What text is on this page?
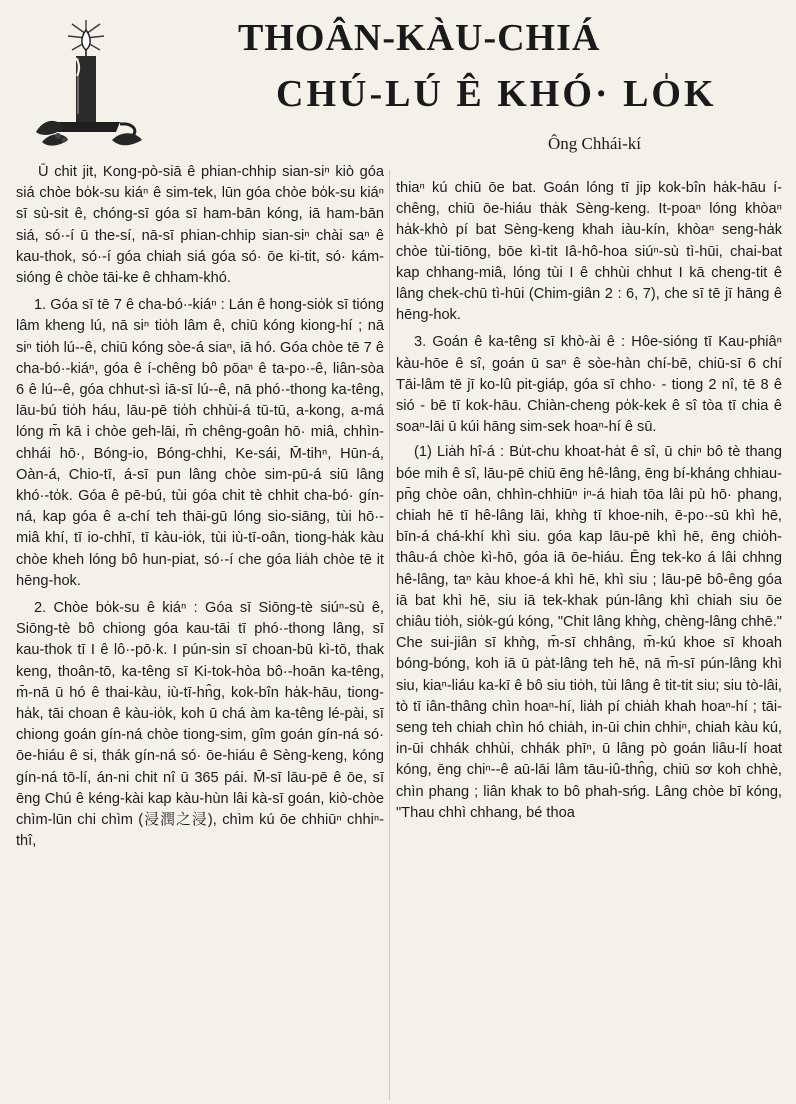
THOÂN-KÀU-CHIÁ
CHÚ-LÚ Ê KHÓ· LO̍K
Ông Chhái-kí

Ū chit jit, Kong-pò-siā ê phian-chhip sian-siⁿ kiò góa siá chòe bo̍k-su kiáⁿ ê sim-tek, lūn góa chòe bo̍k-su kiáⁿ sī sù-sit ê, chóng-sī góa sī ham-bān kóng, iā ham-bān siá, só·-í ū the-sí, nā-sī phian-chhip sian-siⁿ chài saⁿ ê kau-thok, só·-í góa chiah siá góa só· ōe ki-tit, só· kám-sióng ê chòe tāi-ke ê chham-khó.

1. Góa sī tē 7 ê cha-bó·-kiáⁿ : Lán ê hong-sio̍k sī tióng lâm kheng lú, nā siⁿ tio̍h lâm ê, chiū kóng kiong-hí ; nā siⁿ tio̍h lú--ê, chiū kóng sòe-á siaⁿ, iā hó. Góa chòe tē 7 ê cha-bó·-kiáⁿ, góa ê í-chêng bô pōaⁿ ê ta-po·-ê, liân-sòa 6 ê lú--ê, góa chhut-sì iā-sī lú--ê, nā phó·-thong ka-têng, lāu-bú tio̍h háu, lāu-pē tio̍h chhùi-á tū-tū, a-kong, a-má lóng m̄ kā i chòe geh-lāi, m̄ chêng-goân hō· miâ, chhìn-chhái hō·, Bóng-io, Bóng-chhi, Ke-sái, M̄-tihⁿ, Hūn-á, Oàn-á, Chio-tī, á-sī pun lâng chòe sim-pū-á siū lâng khó·-to̍k. Góa ê pē-bú, tùi góa chit tè chhit cha-bó· gín-ná, kap góa ê a-chí teh thāi-gū lóng sio-siāng, tùi hō·-miâ khí, tī io-chhī, tī kàu-io̍k, tùi iù-tī-oân, tiong-ha̍k kàu chòe kheh lóng bô hun-piat, só·-í che góa lia̍h chòe tē it hēng-hok.

2. Chòe bo̍k-su ê kiáⁿ : Góa sī Siōng-tè siúⁿ-sù ê, Siōng-tè bô chiong góa kau-tāi tī phó·-thong lâng, sī kau-thok tī I ê lô·-pō·k. I pún-sin sī choan-bū kì-tō, thak keng, thoân-tō, ka-têng sī Ki-tok-hòa bô·-hoān ka-têng, m̄-nā ū hó ê thai-kàu, iù-tī-hn̂g, kok-bîn ha̍k-hāu, tiong-ha̍k, tāi choan ê kàu-io̍k, koh ū chá àm ka-têng lé-pài, sī chiong goán gín-ná chòe tiong-sim, gîm goán gín-ná só· ōe-hiáu ê si, thák gín-ná só· ōe-hiáu ê Sèng-keng, kóng gín-ná tō-lí, án-ni chit nî ū 365 pái. M̄-sī lāu-pē ê ōe, sī ēng Chú ê kéng-kài kap kàu-hùn lâi kà-sī goán, kiò-chòe chìm-lūn chi chìm (浸潤之浸), chìm kú ōe chhiūⁿ chhiⁿ-thî,

thiaⁿ kú chiū ōe bat. Goán lóng tī jip kok-bîn ha̍k-hāu í-chêng, chiū ōe-hiáu tha̍k Sèng-keng. It-poaⁿ lóng khòaⁿ ha̍k-khò pí bat Sèng-keng khah iàu-kín, khòaⁿ seng-ha̍k chòe tùi-tiōng, bōe kì-tit Iâ-hô-hoa siúⁿ-sù tì-hūi, chai-bat kap chhang-miâ, lóng tùi I ê chhùi chhut I kā cheng-tit ê lâng chek-chū tì-hūi (Chim-giân 2 : 6, 7), che sī tē jī hāng ê hēng-hok.

3. Goán ê ka-têng sī khò-ài ê : Hôe-sióng tī Kau-phiâⁿ kàu-hōe ê sî, goán ū saⁿ ê sòe-hàn chí-bē, chiū-sī 6 chí Tāi-lâm tē jī ko-lû pit-giáp, góa sī chho· - tiong 2 nî, tē 8 ê sió - bē tī kok-hāu. Chiàn-cheng po̍k-kek ê sî tòa tī chia ê soaⁿ-lāi ū kúi hāng sim-sek hoaⁿ-hí ê sū.

(1) Lia̍h hî-á : Bu̍t-chu khoat-ha̍t ê sî, ū chiⁿ bô tè thang bóe mih ê sî, lāu-pē chiū ēng hê-lâng, ēng bí-kháng chhiau-pn̄g chòe oân, chhìn-chhiūⁿ iⁿ-á hiah tōa lâi pù hō· phang, chiah hē tī hê-lâng lāi, khǹg tī khoe-nih, ē-po·-sū khì hē, bīn-á chá-khí khì siu. góa kap lāu-pē khì hē, ēng chio̍h-thâu-á chòe kì-hō, góa iā ōe-hiáu. Ēng tek-ko á lâi chhng hê-lâng, taⁿ kàu khoe-á khì hē, khì siu ; lāu-pē bô-êng góa iā bat khì hē, siu iā tek-khak pún-lâng khì chiah siu ōe chiâu tio̍h, sio̍k-gú kóng, "Chit lâng khǹg, chèng-lâng chhē." Che sui-jiân sī khǹg, m̄-sī chhâng, m̄-kú khoe sī khoah bóng-bóng, koh iā ū pa̍t-lâng teh hē, nā m̄-sī pún-lâng khì siu, kiaⁿ-liáu ka-kī ê bô siu tio̍h, tùi lâng ê tit-tit siu; siu tò-lâi, tò tī iân-thâng chìn hoaⁿ-hí, lia̍h pí chia̍h khah hoaⁿ-hí ; tāi-seng teh chiah chìn hó chia̍h, in-ūi chin chhiⁿ, chiah kàu kú, in-ūi chhák chhùi, chhák phīⁿ, ū lâng pò goán liâu-lí hoat kóng, ēng chiⁿ--ê aū-lāi lâm tāu-iû-thn̂g, chiū sơ koh chhè, chìn phang ; liân khak to bô phah-sńg. Lâng chòe bī kóng, "Thau chhì chhang, bé thoa
